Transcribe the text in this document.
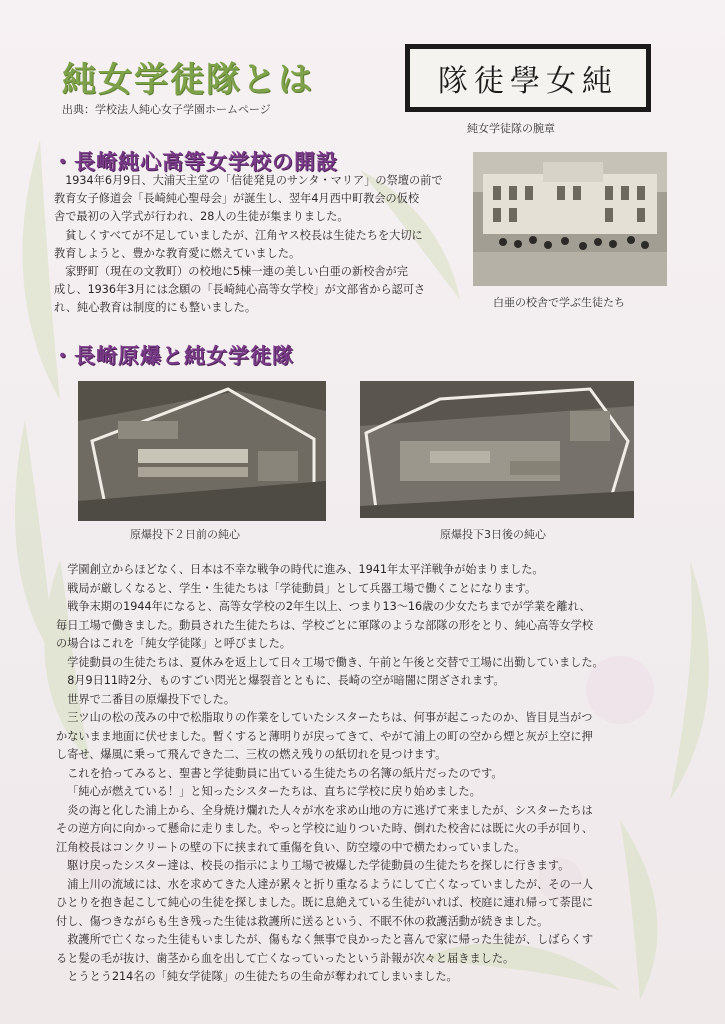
純女学徒隊とは
出典：学校法人純心女子学園ホームページ
隊徒學女純
純女学徒隊の腕章
・長崎純心高等女学校の開設

1934年6月9日、大浦天主堂の「信徒発見のサンタ・マリア」の祭壇の前で

教育女子修道会「長崎純心聖母会」が誕生し、翌年4月西中町教会の仮校

舎で最初の入学式が行われ、28人の生徒が集まりました。

貧しくすべてが不足していましたが、江角ヤス校長は生徒たちを大切に

教育しようと、豊かな教育愛に燃えていました。

家野町（現在の文教町）の校地に5棟一連の美しい白亜の新校舎が完

成し、1936年3月には念願の「長崎純心高等女学校」が文部省から認可さ

れ、純心教育は制度的にも整いました。	白亜の校舎で学ぶ生徒たち
・長崎原爆と純女学徒隊
原爆投下２日前の純心	原爆投下3日後の純心

学園創立からほどなく、日本は不幸な戦争の時代に進み、1941年太平洋戦争が始まりました。

戦局が厳しくなると、学生・生徒たちは「学徒動員」として兵器工場で働くことになります。

戦争末期の1944年になると、高等女学校の2年生以上、つまり13～16歳の少女たちまでが学業を離れ、

毎日工場で働きました。動員された生徒たちは、学校ごとに軍隊のような部隊の形をとり、純心高等女学校

の場合はこれを「純女学徒隊」と呼びました。

学徒動員の生徒たちは、夏休みを返上して日々工場で働き、午前と午後と交替で工場に出勤していました。

8月9日11時2分、ものすごい閃光と爆裂音とともに、長崎の空が暗闇に閉ざされます。

世界で二番目の原爆投下でした。

三ツ山の松の茂みの中で松脂取りの作業をしていたシスターたちは、何事が起こったのか、皆目見当がつ

かないまま地面に伏せました。暫くすると薄明りが戻ってきて、やがて浦上の町の空から煙と灰が上空に押

し寄せ、爆風に乗って飛んできた二、三枚の燃え残りの紙切れを見つけます。

これを拾ってみると、聖書と学徒動員に出ている生徒たちの名簿の紙片だったのです。

「純心が燃えている！」と知ったシスターたちは、直ちに学校に戻り始めました。

炎の海と化した浦上から、全身焼け爛れた人々が水を求め山地の方に逃げて来ましたが、シスターたちは

その逆方向に向かって懸命に走りました。やっと学校に辿りついた時、倒れた校舎には既に火の手が回り、

江角校長はコンクリートの壁の下に挟まれて重傷を負い、防空壕の中で横たわっていました。

駆け戻ったシスター達は、校長の指示により工場で被爆した学徒動員の生徒たちを探しに行きます。

浦上川の流域には、水を求めてきた人達が累々と折り重なるようにして亡くなっていましたが、その一人

ひとりを抱き起こして純心の生徒を探しました。既に息絶えている生徒がいれば、校庭に連れ帰って荼毘に

付し、傷つきながらも生き残った生徒は救護所に送るという、不眠不休の救護活動が続きました。

救護所で亡くなった生徒もいましたが、傷もなく無事で良かったと喜んで家に帰った生徒が、しばらくす

ると髪の毛が抜け、歯茎から血を出して亡くなっていったという訃報が次々と届きました。

とうとう214名の「純女学徒隊」の生徒たちの生命が奪われてしまいました。
